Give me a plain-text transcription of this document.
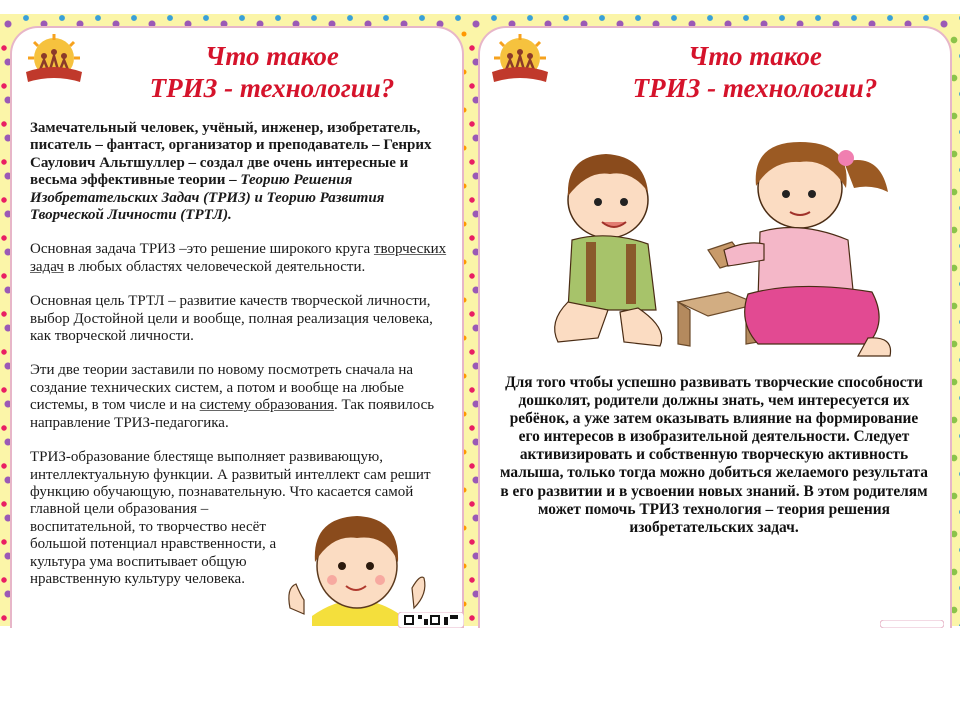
Что такое
ТРИЗ - технологии?

Замечательный человек, учёный, инженер, изобретатель, писатель – фантаст, организатор и преподаватель – Генрих Саулович Альтшуллер – создал две очень интересные и весьма эффективные теории – Теорию Решения Изобретательских Задач (ТРИЗ) и Теорию Развития Творческой Личности (ТРТЛ).

Основная задача ТРИЗ –это решение широкого круга творческих задач в любых областях человеческой деятельности.

Основная цель ТРТЛ – развитие качеств творческой личности, выбор Достойной цели и вообще, полная реализация человека, как творческой личности.

Эти две теории заставили по новому посмотреть сначала на создание технических систем, а потом и вообще на любые системы, в том числе и на систему образования. Так появилось направление ТРИЗ-педагогика.

ТРИЗ-образование блестяще выполняет развивающую, интеллектуальную функции. А развитый интеллект сам решит функцию обучающую, познавательную. Что касается самой главной цели образования –

воспитательной, то творчество несёт большой потенциал нравственности, а культура ума воспитывает общую нравственную культуру человека.

Что такое
ТРИЗ - технологии?

Для того чтобы успешно развивать творческие способности дошколят, родители должны знать, чем интересуется их ребёнок, а уже затем оказывать влияние на формирование его интересов в изобразительной деятельности. Следует активизировать и собственную творческую активность малыша, только тогда можно добиться желаемого результата в его развитии и в усвоении новых знаний. В этом родителям может помочь ТРИЗ технология – теория решения изобретательских задач.
